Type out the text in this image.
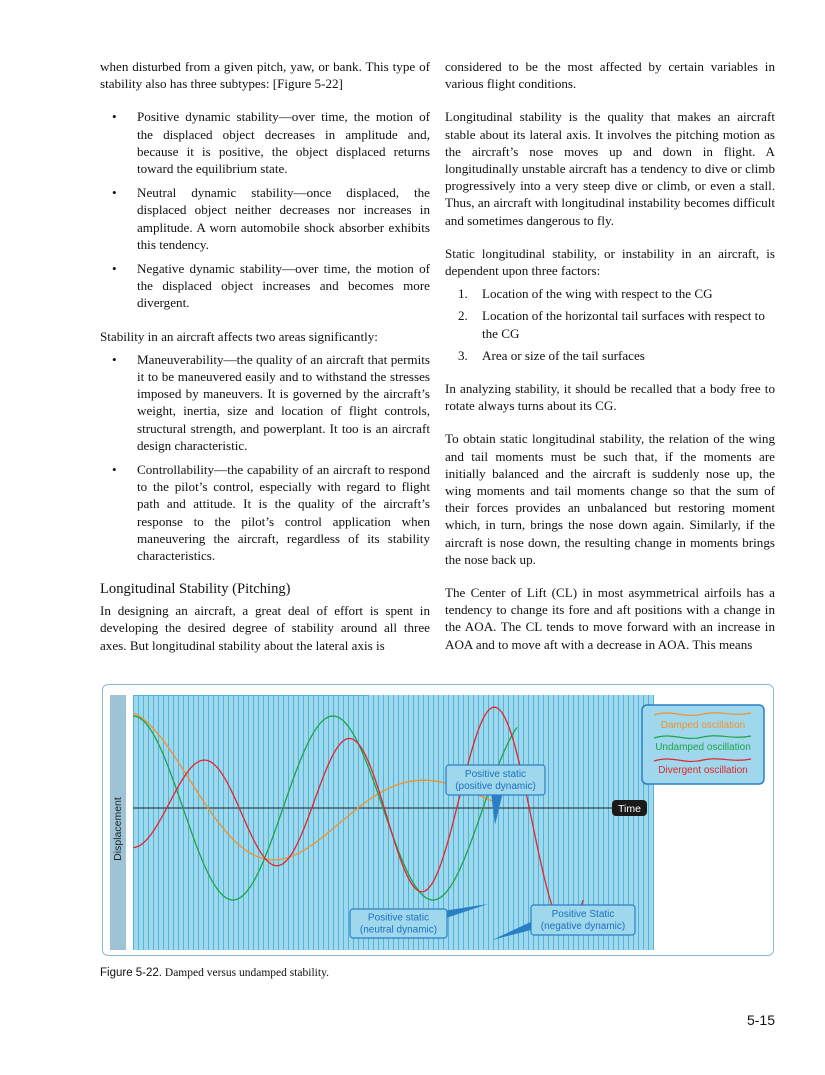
when disturbed from a given pitch, yaw, or bank. This type of stability also has three subtypes: [Figure 5-22]

• Positive dynamic stability—over time, the motion of the displaced object decreases in amplitude and, because it is positive, the object displaced returns toward the equilibrium state.
• Neutral dynamic stability—once displaced, the displaced object neither decreases nor increases in amplitude. A worn automobile shock absorber exhibits this tendency.
• Negative dynamic stability—over time, the motion of the displaced object increases and becomes more divergent.

Stability in an aircraft affects two areas significantly:

• Maneuverability—the quality of an aircraft that permits it to be maneuvered easily and to withstand the stresses imposed by maneuvers. It is governed by the aircraft’s weight, inertia, size and location of flight controls, structural strength, and powerplant. It too is an aircraft design characteristic.
• Controllability—the capability of an aircraft to respond to the pilot’s control, especially with regard to flight path and attitude. It is the quality of the aircraft’s response to the pilot’s control application when maneuvering the aircraft, regardless of its stability characteristics.
Longitudinal Stability (Pitching)

In designing an aircraft, a great deal of effort is spent in developing the desired degree of stability around all three axes. But longitudinal stability about the lateral axis is

considered to be the most affected by certain variables in various flight conditions.

Longitudinal stability is the quality that makes an aircraft stable about its lateral axis. It involves the pitching motion as the aircraft’s nose moves up and down in flight. A longitudinally unstable aircraft has a tendency to dive or climb progressively into a very steep dive or climb, or even a stall. Thus, an aircraft with longitudinal instability becomes difficult and sometimes dangerous to fly.

Static longitudinal stability, or instability in an aircraft, is dependent upon three factors:

1. Location of the wing with respect to the CG
2. Location of the horizontal tail surfaces with respect to the CG
3. Area or size of the tail surfaces

In analyzing stability, it should be recalled that a body free to rotate always turns about its CG.

To obtain static longitudinal stability, the relation of the wing and tail moments must be such that, if the moments are initially balanced and the aircraft is suddenly nose up, the wing moments and tail moments change so that the sum of their forces provides an unbalanced but restoring moment which, in turn, brings the nose down again. Similarly, if the aircraft is nose down, the resulting change in moments brings the nose back up.

The Center of Lift (CL) in most asymmetrical airfoils has a tendency to change its fore and aft positions with a change in the AOA. The CL tends to move forward with an increase in AOA and to move aft with a decrease in AOA. This means

Displacement	Time
Positive static
(positive dynamic)
Positive static
(neutral dynamic)
Positive Static
(negative dynamic)
Damped oscillation
Undamped oscillation
Divergent oscillation
Figure 5-22. Damped versus undamped stability.
5-15
